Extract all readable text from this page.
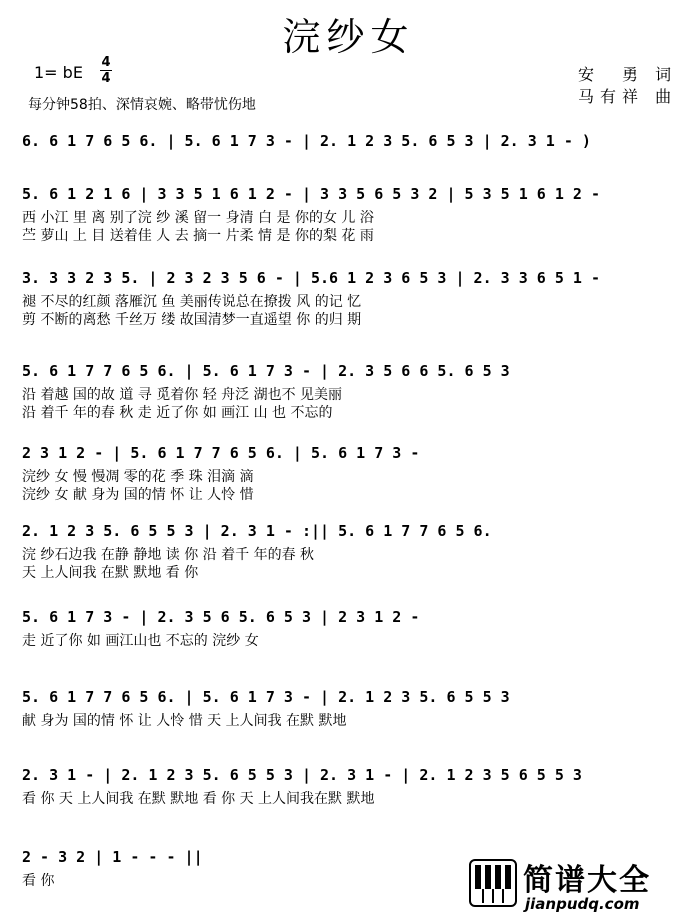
浣纱女
1= bE
4
4
每分钟58拍、深情哀婉、略带忧伤地
安　勇 词
马有祥 曲
6. 6 1 7 6 5 6. | 5. 6 1 7 3 - | 2. 1 2 3 5. 6 5 3 | 2. 3 1 - )
5. 6 1 2 1 6 | 3 3 5 1 6 1 2 - | 3 3 5 6 5 3 2 | 5 3 5 1 6 1 2 -
西 小江 里 离 别了浣 纱 溪 留一 身清 白 是 你的女 儿 浴
苎 萝山 上 目 送着佳 人 去 摘一 片柔 情 是 你的梨 花 雨
3. 3 3 2 3 5. | 2 3 2 3 5 6 - | 5.6 1 2 3 6 5 3 | 2. 3 3 6 5 1 -
褪 不尽的红颜 落雁沉 鱼 美丽传说总在撩拨 风 的记 忆
剪 不断的离愁 千丝万 缕 故国清梦一直遥望 你 的归 期
5. 6 1 7 7 6 5 6. | 5. 6 1 7 3 - | 2. 3 5 6 6 5. 6 5 3
沿 着越 国的故 道 寻 觅着你 轻 舟泛 湖也不 见美丽
沿 着千 年的春 秋 走 近了你 如 画江 山 也 不忘的
2 3 1 2 - | 5. 6 1 7 7 6 5 6. | 5. 6 1 7 3 -
浣纱 女 慢 慢凋 零的花 季 珠 泪滴 滴
浣纱 女 献 身为 国的情 怀 让 人怜 惜
2. 1 2 3 5. 6 5 5 3 | 2. 3 1 - :|| 5. 6 1 7 7 6 5 6.
浣 纱石边我 在静 静地 读 你 沿 着千 年的春 秋
天 上人间我 在默 默地 看 你
5. 6 1 7 3 - | 2. 3 5 6 5. 6 5 3 | 2 3 1 2 -
走 近了你 如 画江山也 不忘的 浣纱 女
5. 6 1 7 7 6 5 6. | 5. 6 1 7 3 - | 2. 1 2 3 5. 6 5 5 3
献 身为 国的情 怀 让 人怜 惜 天 上人间我 在默 默地
2. 3 1 - | 2. 1 2 3 5. 6 5 5 3 | 2. 3 1 - | 2. 1 2 3 5 6 5 5 3
看 你 天 上人间我 在默 默地 看 你 天 上人间我在默 默地
2 - 3 2 | 1 - - - ||
看 你	简谱大全
jianpudq.com
